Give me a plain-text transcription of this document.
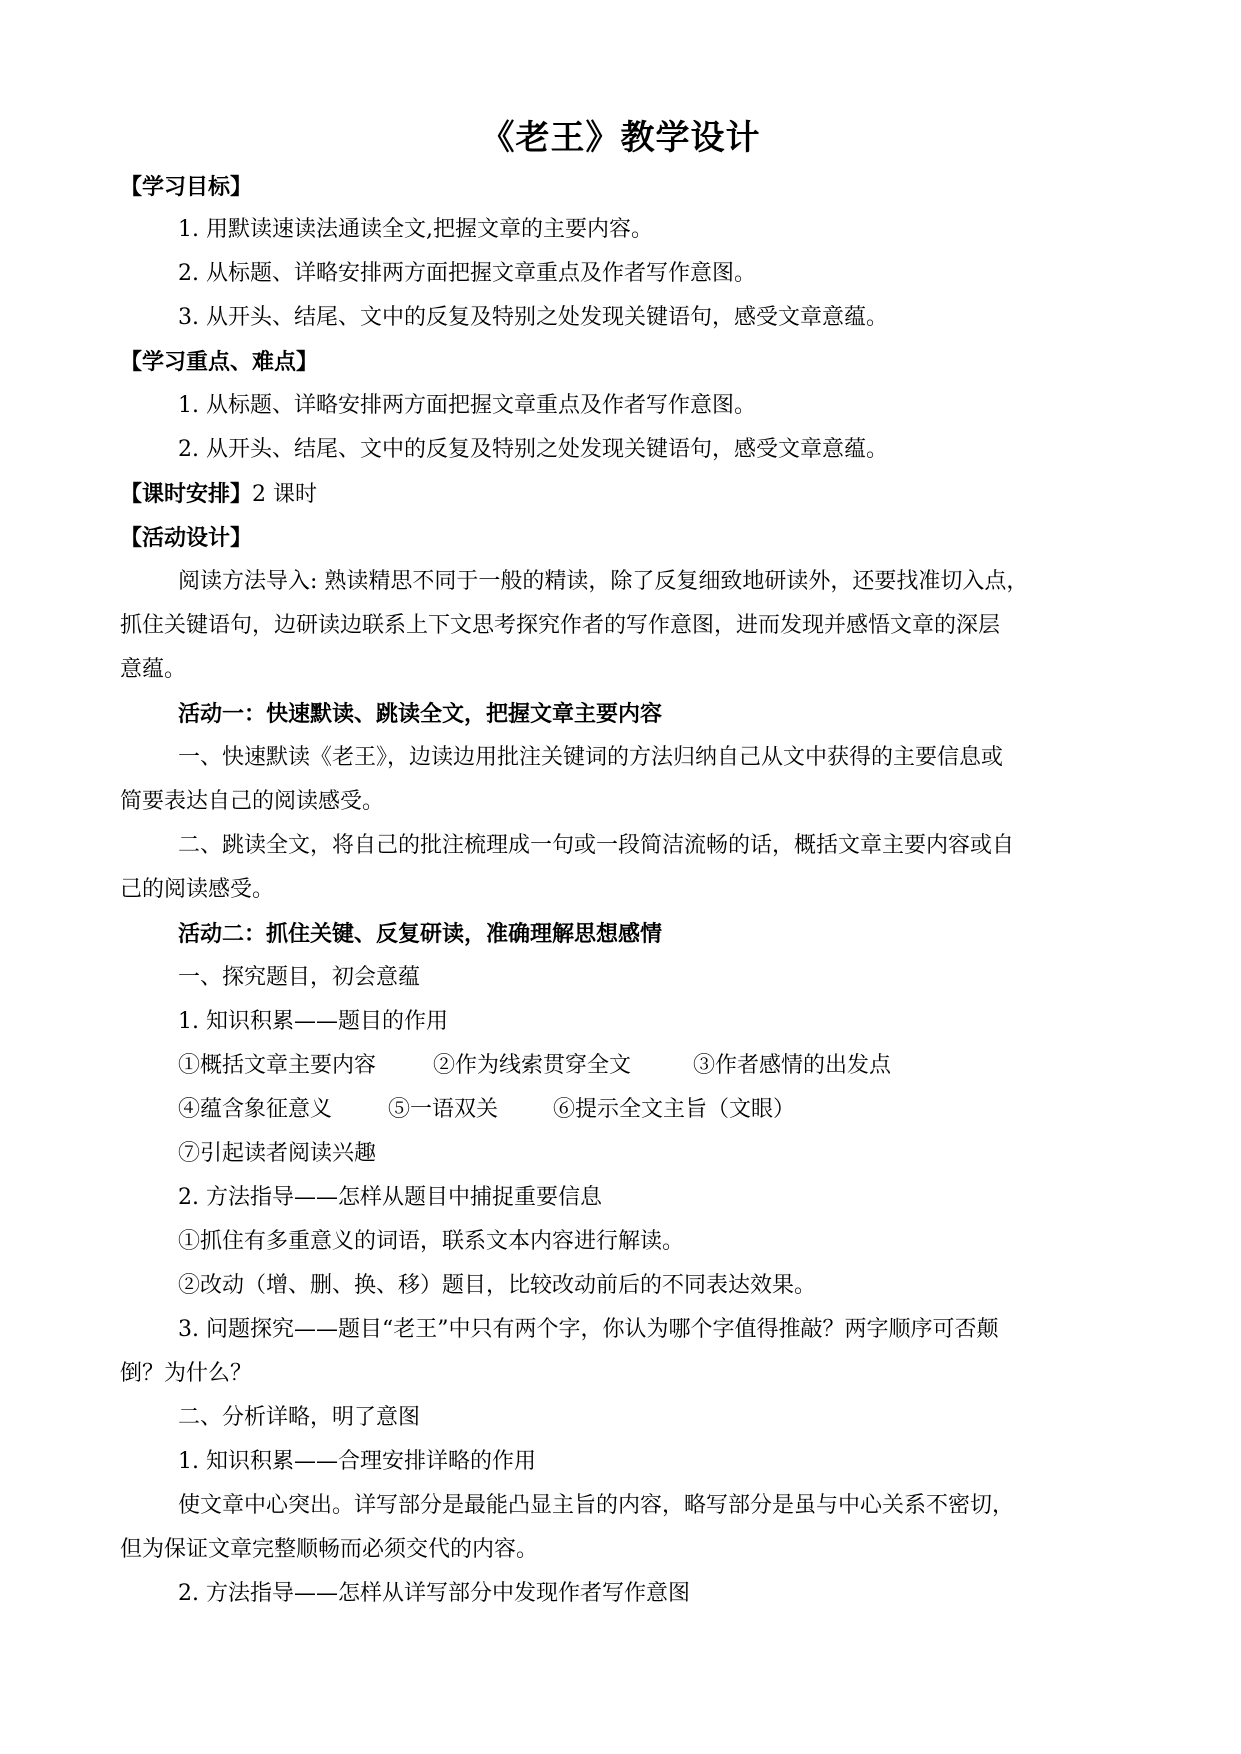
《老王》教学设计
【学习目标】
1. 用默读速读法通读全文,把握文章的主要内容。
2. 从标题、详略安排两方面把握文章重点及作者写作意图。
3. 从开头、结尾、文中的反复及特别之处发现关键语句，感受文章意蕴。
【学习重点、难点】
1. 从标题、详略安排两方面把握文章重点及作者写作意图。
2. 从开头、结尾、文中的反复及特别之处发现关键语句，感受文章意蕴。
【课时安排】2 课时
【活动设计】
阅读方法导入: 熟读精思不同于一般的精读，除了反复细致地研读外，还要找准切入点，
抓住关键语句，边研读边联系上下文思考探究作者的写作意图，进而发现并感悟文章的深层
意蕴。
活动一：快速默读、跳读全文，把握文章主要内容
一、快速默读《老王》，边读边用批注关键词的方法归纳自己从文中获得的主要信息或
简要表达自己的阅读感受。
二、跳读全文，将自己的批注梳理成一句或一段简洁流畅的话，概括文章主要内容或自
己的阅读感受。
活动二：抓住关键、反复研读，准确理解思想感情
一、探究题目，初会意蕴
1. 知识积累——题目的作用
①概括文章主要内容	②作为线索贯穿全文	③作者感情的出发点
④蕴含象征意义	⑤一语双关 ⑥提示全文主旨（文眼）
⑦引起读者阅读兴趣
2. 方法指导——怎样从题目中捕捉重要信息
①抓住有多重意义的词语，联系文本内容进行解读。
②改动（增、删、换、移）题目，比较改动前后的不同表达效果。
3. 问题探究——题目“老王”中只有两个字，你认为哪个字值得推敲？两字顺序可否颠
倒？为什么？
二、分析详略，明了意图
1. 知识积累——合理安排详略的作用
使文章中心突出。详写部分是最能凸显主旨的内容，略写部分是虽与中心关系不密切，
但为保证文章完整顺畅而必须交代的内容。
2. 方法指导——怎样从详写部分中发现作者写作意图
